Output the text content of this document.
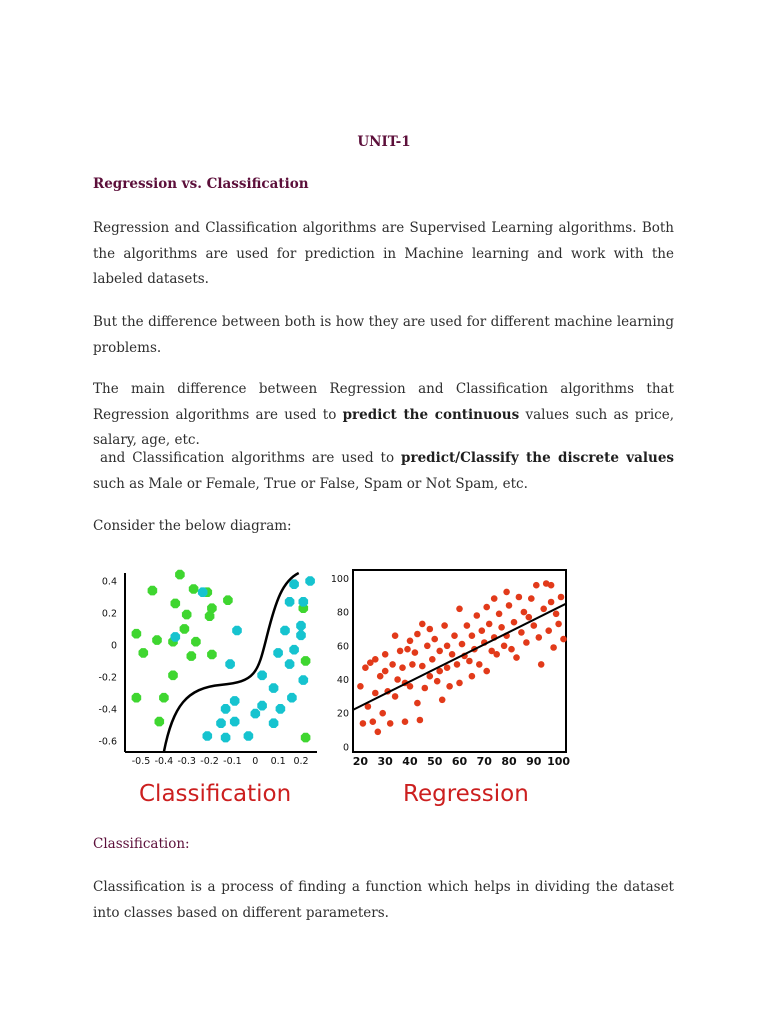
UNIT-1
Regression vs. Classification
Regression and Classification algorithms are Supervised Learning algorithms. Both the algorithms are used for prediction in Machine learning and work with the labeled datasets.
But the difference between both is how they are used for different machine learning problems.
The main difference between Regression and Classification algorithms that Regression algorithms are used to predict the continuous values such as price, salary, age, etc.
and Classification algorithms are used to predict/Classify the discrete values such as Male or Female, True or False, Spam or Not Spam, etc.
Consider the below diagram:
0.4
0.2
0
-0.2
-0.4
-0.6
-0.5 -0.4 -0.3 -0.2 -0.1 0 0.1 0.2
Classification
0
20
40
60
80
100
20 30 40 50 60 70 80 90 100
Regression
Classification:
Classification is a process of finding a function which helps in dividing the dataset into classes based on different parameters.
